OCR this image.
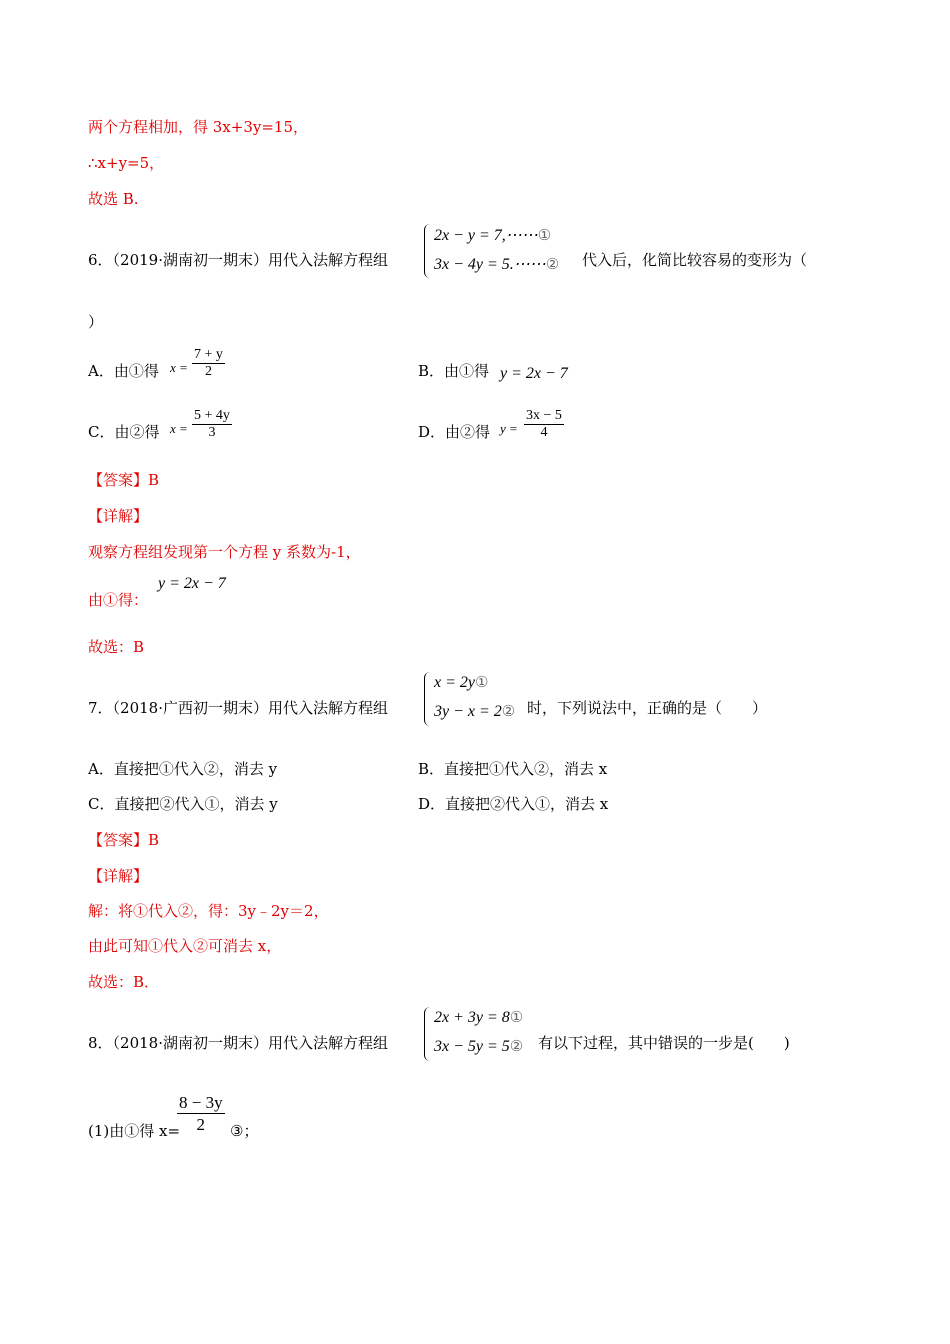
两个方程相加，得 3x+3y=15，
∴x+y=5，
故选 B.
6．（2019·湖南初一期末）用代入法解方程组
2x − y = 7,⋯⋯①
3x − 4y = 5.⋯⋯② 代入后，化简比较容易的变形为（
）
A．由①得 x =
7 + y
2	B．由①得 y = 2x − 7
C．由②得 x =
5 + 4y
3	D．由②得 y =
3x − 5
4
【答案】B
【详解】
观察方程组发现第一个方程 y 系数为-1，
由①得：
y = 2x − 7
故选：B
7．（2018·广西初一期末）用代入法解方程组
x = 2y①
3y − x = 2② 时，下列说法中，正确的是（　　）
A．直接把①代入②，消去 y	B．直接把①代入②，消去 x
C．直接把②代入①，消去 y	D．直接把②代入①，消去 x
【答案】B
【详解】
解：将①代入②，得：3y﹣2y＝2，
由此可知①代入②可消去 x，
故选：B．
8．（2018·湖南初一期末）用代入法解方程组
2x + 3y = 8①
3x − 5y = 5② 有以下过程，其中错误的一步是(　　)
(1)由①得 x=
8 − 3y
2	③；
